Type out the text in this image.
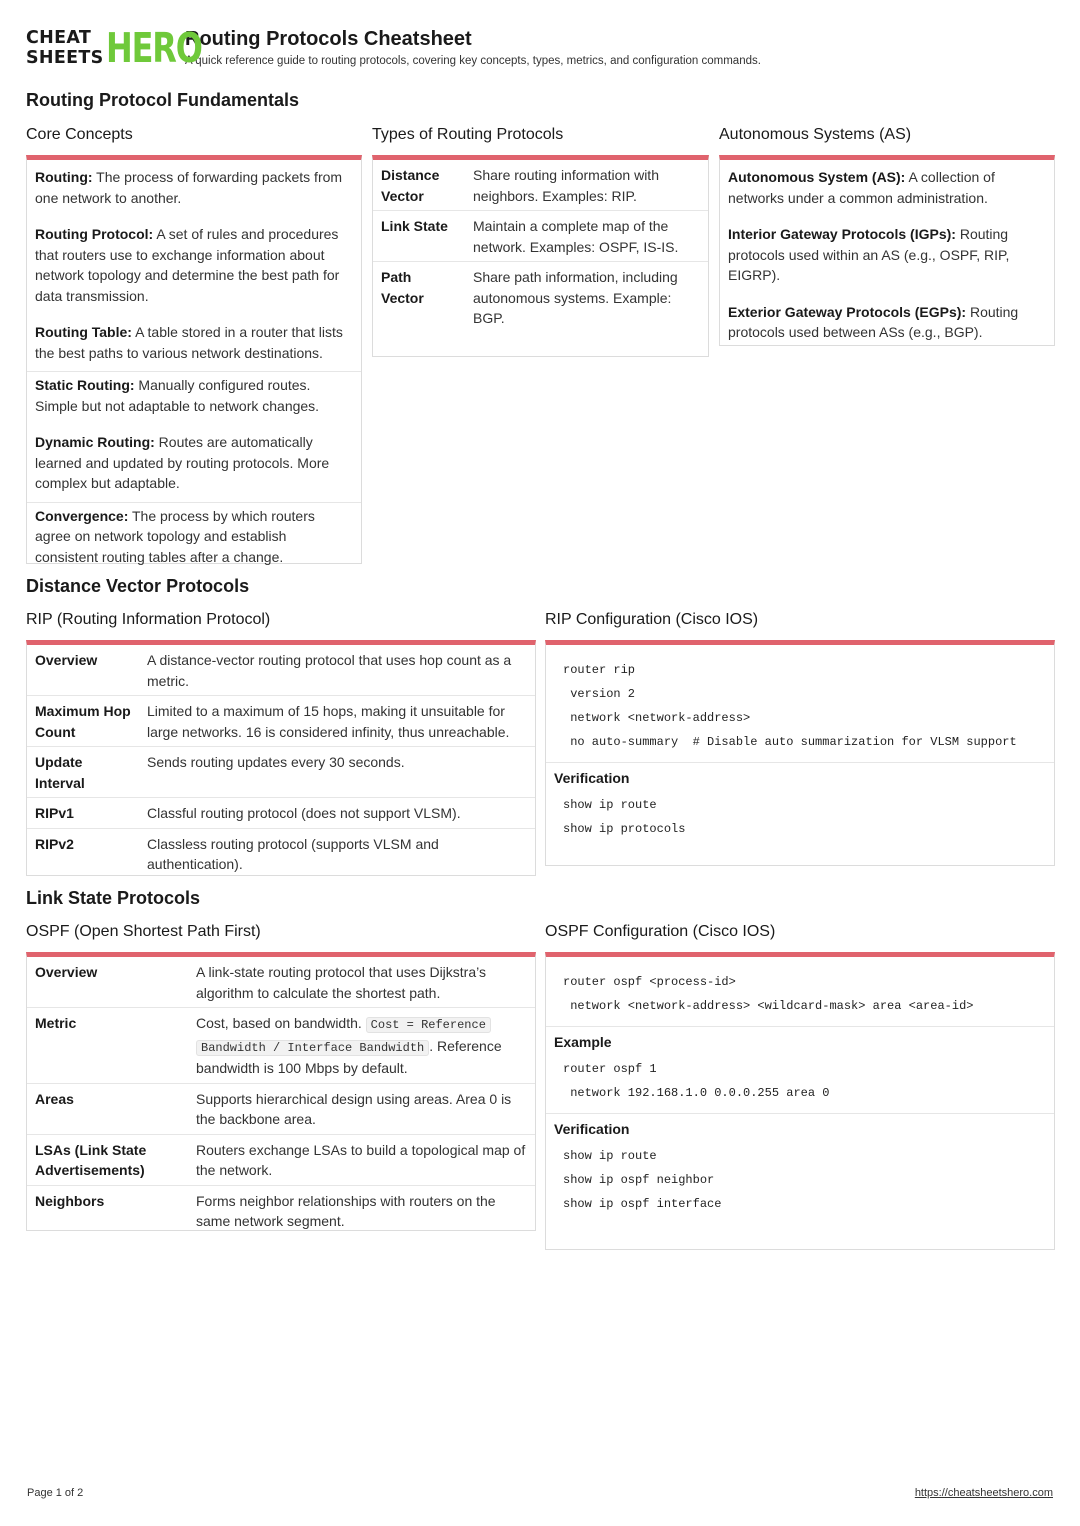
CHEAT
SHEETS HERO
Routing Protocols Cheatsheet
A quick reference guide to routing protocols, covering key concepts, types, metrics, and configuration commands.
Routing Protocol Fundamentals
Core Concepts

Routing: The process of forwarding packets from one network to another.

Routing Protocol: A set of rules and procedures that routers use to exchange information about network topology and determine the best path for data transmission.

Routing Table: A table stored in a router that lists the best paths to various network destinations.

Static Routing: Manually configured routes. Simple but not adaptable to network changes.

Dynamic Routing: Routes are automatically learned and updated by routing protocols. More complex but adaptable.

Convergence: The process by which routers agree on network topology and establish consistent routing tables after a change.

Types of Routing Protocols
Distance Vector	Share routing information with neighbors. Examples: RIP.
Link State	Maintain a complete map of the network. Examples: OSPF, IS-IS.
Path Vector	Share path information, including autonomous systems. Example: BGP.
Autonomous Systems (AS)

Autonomous System (AS): A collection of networks under a common administration.

Interior Gateway Protocols (IGPs): Routing protocols used within an AS (e.g., OSPF, RIP, EIGRP).

Exterior Gateway Protocols (EGPs): Routing protocols used between ASs (e.g., BGP).

Distance Vector Protocols
RIP (Routing Information Protocol)
Overview	A distance-vector routing protocol that uses hop count as a metric.
Maximum Hop Count	Limited to a maximum of 15 hops, making it unsuitable for large networks. 16 is considered infinity, thus unreachable.
Update Interval	Sends routing updates every 30 seconds.
RIPv1	Classful routing protocol (does not support VLSM).
RIPv2	Classless routing protocol (supports VLSM and authentication).
RIP Configuration (Cisco IOS)
router rip
version 2
network <network-address>
no auto-summary  # Disable auto summarization for VLSM support
Verification
show ip route
show ip protocols
Link State Protocols
OSPF (Open Shortest Path First)
Overview	A link-state routing protocol that uses Dijkstra’s algorithm to calculate the shortest path.
Metric	Cost, based on bandwidth. Cost = Reference Bandwidth / Interface Bandwidth . Reference bandwidth is 100 Mbps by default.
Areas	Supports hierarchical design using areas. Area 0 is the backbone area.
LSAs (Link State Advertisements)	Routers exchange LSAs to build a topological map of the network.
Neighbors	Forms neighbor relationships with routers on the same network segment.
OSPF Configuration (Cisco IOS)
router ospf <process-id>
network <network-address> <wildcard-mask> area <area-id>
Example
router ospf 1
network 192.168.1.0 0.0.0.255 area 0
Verification
show ip route
show ip ospf neighbor
show ip ospf interface
Page 1 of 2	https://cheatsheetshero.com
